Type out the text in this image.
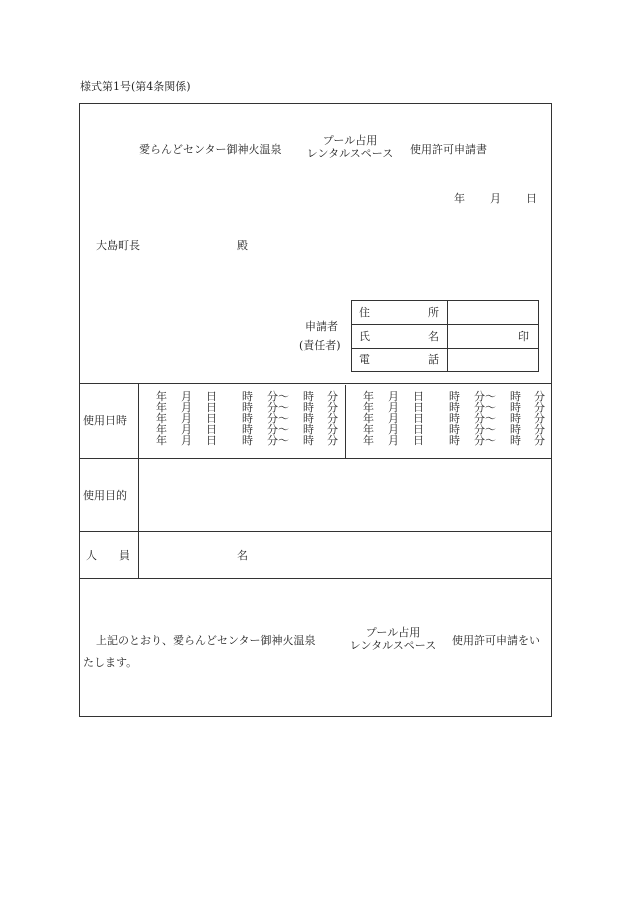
様式第1号(第4条関係)
愛らんどセンター御神火温泉
プール占用
レンタルスペース	使用許可申請書
年 月 日
大島町長	殿
申請者
(責任者)
住	所
氏	名	印
電	話
使用日時
年 月 日 時 分〜 時 分
年 月 日 時 分〜 時 分
年 月 日 時 分〜 時 分
年 月 日 時 分〜 時 分
年 月 日 時 分〜 時 分
年 月 日 時 分〜 時 分
年 月 日 時 分〜 時 分
年 月 日 時 分〜 時 分
年 月 日 時 分〜 時 分
年 月 日 時 分〜 時 分
使用目的
人 員	名
上記のとおり、愛らんどセンター御神火温泉
プール占用
レンタルスペース	使用許可申請をい
たします。
